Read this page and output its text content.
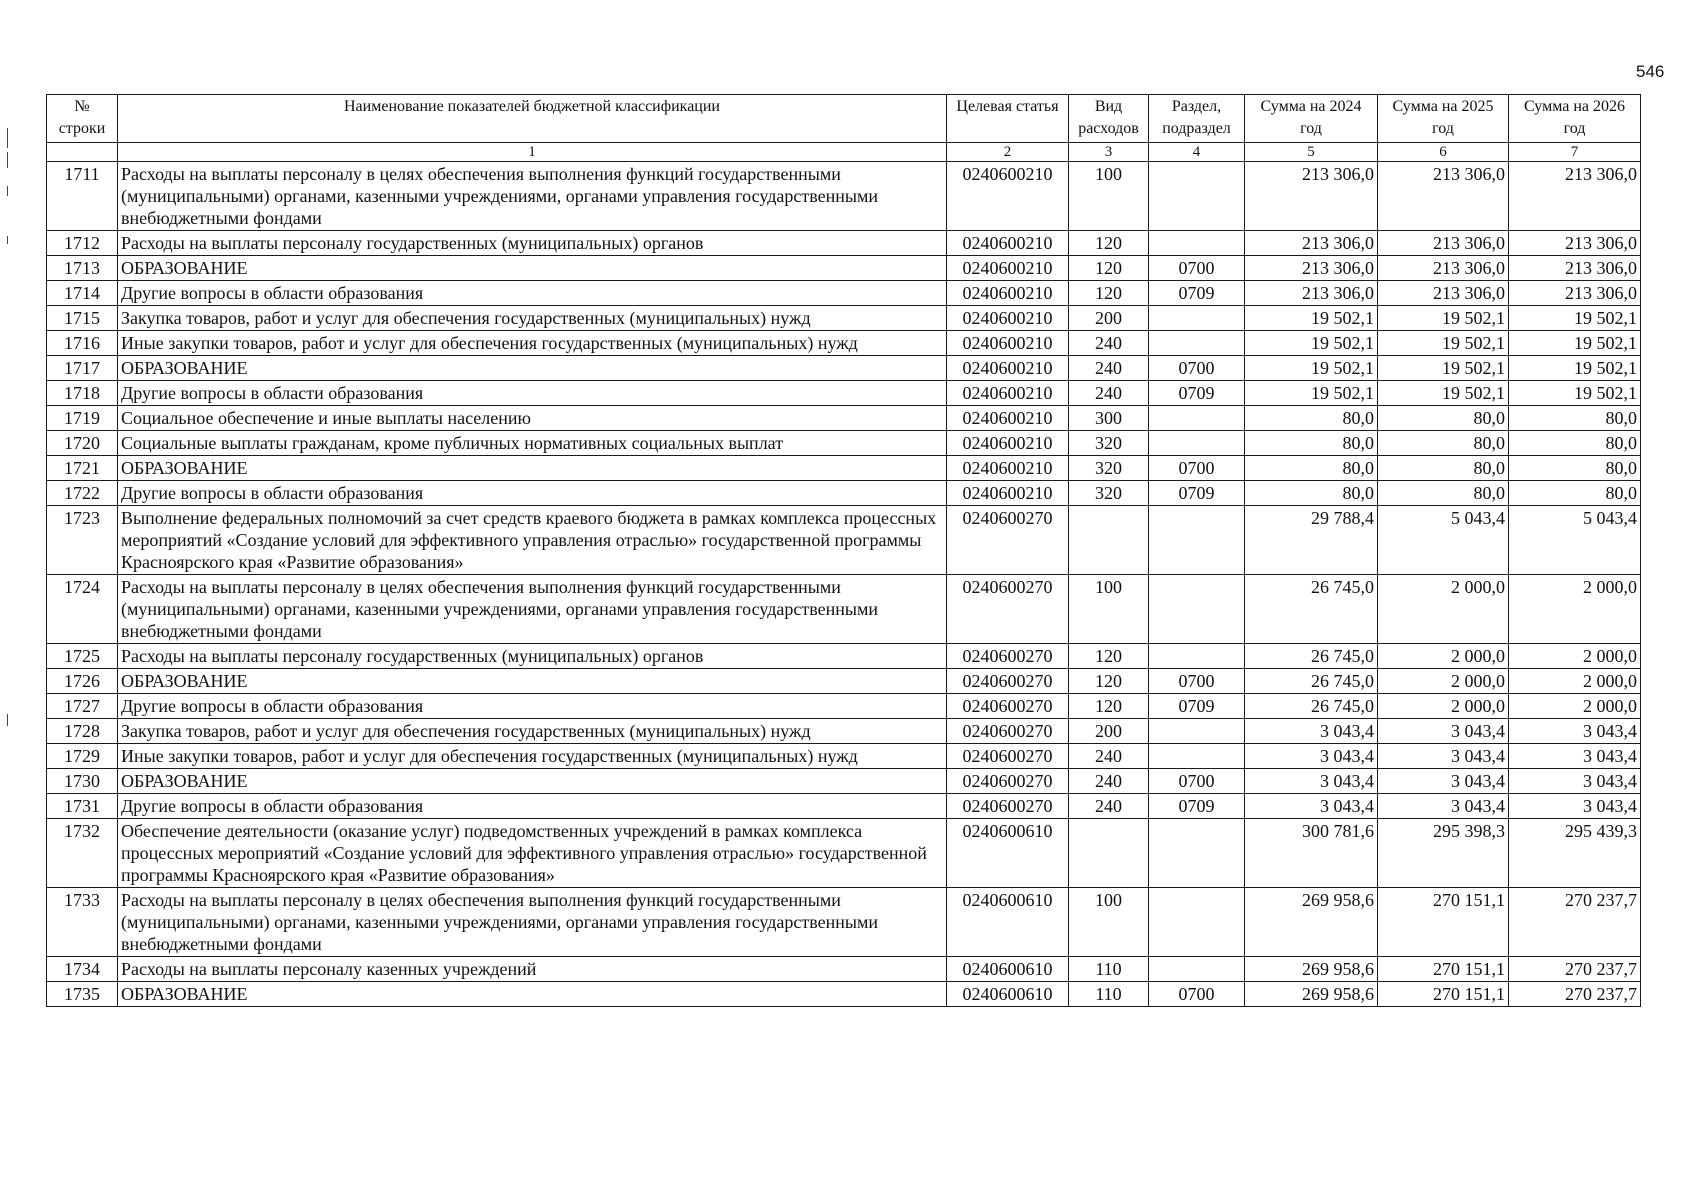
546
№ строки	Наименование показателей бюджетной классификации	Целевая статья	Вид расходов	Раздел, подраздел	Сумма на 2024 год	Сумма на 2025 год	Сумма на 2026 год
	1	2	3	4	5	6	7
1711	Расходы на выплаты персоналу в целях обеспечения выполнения функций государственными (муниципальными) органами, казенными учреждениями, органами управления государственными внебюджетными фондами	0240600210	100		213 306,0	213 306,0	213 306,0
1712	Расходы на выплаты персоналу государственных (муниципальных) органов	0240600210	120		213 306,0	213 306,0	213 306,0
1713	ОБРАЗОВАНИЕ	0240600210	120	0700	213 306,0	213 306,0	213 306,0
1714	Другие вопросы в области образования	0240600210	120	0709	213 306,0	213 306,0	213 306,0
1715	Закупка товаров, работ и услуг для обеспечения государственных (муниципальных) нужд	0240600210	200		19 502,1	19 502,1	19 502,1
1716	Иные закупки товаров, работ и услуг для обеспечения государственных (муниципальных) нужд	0240600210	240		19 502,1	19 502,1	19 502,1
1717	ОБРАЗОВАНИЕ	0240600210	240	0700	19 502,1	19 502,1	19 502,1
1718	Другие вопросы в области образования	0240600210	240	0709	19 502,1	19 502,1	19 502,1
1719	Социальное обеспечение и иные выплаты населению	0240600210	300		80,0	80,0	80,0
1720	Социальные выплаты гражданам, кроме публичных нормативных социальных выплат	0240600210	320		80,0	80,0	80,0
1721	ОБРАЗОВАНИЕ	0240600210	320	0700	80,0	80,0	80,0
1722	Другие вопросы в области образования	0240600210	320	0709	80,0	80,0	80,0
1723	Выполнение федеральных полномочий за счет средств краевого бюджета в рамках комплекса процессных мероприятий «Создание условий для эффективного управления отраслью» государственной программы Красноярского края «Развитие образования»	0240600270			29 788,4	5 043,4	5 043,4
1724	Расходы на выплаты персоналу в целях обеспечения выполнения функций государственными (муниципальными) органами, казенными учреждениями, органами управления государственными внебюджетными фондами	0240600270	100		26 745,0	2 000,0	2 000,0
1725	Расходы на выплаты персоналу государственных (муниципальных) органов	0240600270	120		26 745,0	2 000,0	2 000,0
1726	ОБРАЗОВАНИЕ	0240600270	120	0700	26 745,0	2 000,0	2 000,0
1727	Другие вопросы в области образования	0240600270	120	0709	26 745,0	2 000,0	2 000,0
1728	Закупка товаров, работ и услуг для обеспечения государственных (муниципальных) нужд	0240600270	200		3 043,4	3 043,4	3 043,4
1729	Иные закупки товаров, работ и услуг для обеспечения государственных (муниципальных) нужд	0240600270	240		3 043,4	3 043,4	3 043,4
1730	ОБРАЗОВАНИЕ	0240600270	240	0700	3 043,4	3 043,4	3 043,4
1731	Другие вопросы в области образования	0240600270	240	0709	3 043,4	3 043,4	3 043,4
1732	Обеспечение деятельности (оказание услуг) подведомственных учреждений в рамках комплекса процессных мероприятий «Создание условий для эффективного управления отраслью» государственной программы Красноярского края «Развитие образования»	0240600610			300 781,6	295 398,3	295 439,3
1733	Расходы на выплаты персоналу в целях обеспечения выполнения функций государственными (муниципальными) органами, казенными учреждениями, органами управления государственными внебюджетными фондами	0240600610	100		269 958,6	270 151,1	270 237,7
1734	Расходы на выплаты персоналу казенных учреждений	0240600610	110		269 958,6	270 151,1	270 237,7
1735	ОБРАЗОВАНИЕ	0240600610	110	0700	269 958,6	270 151,1	270 237,7
